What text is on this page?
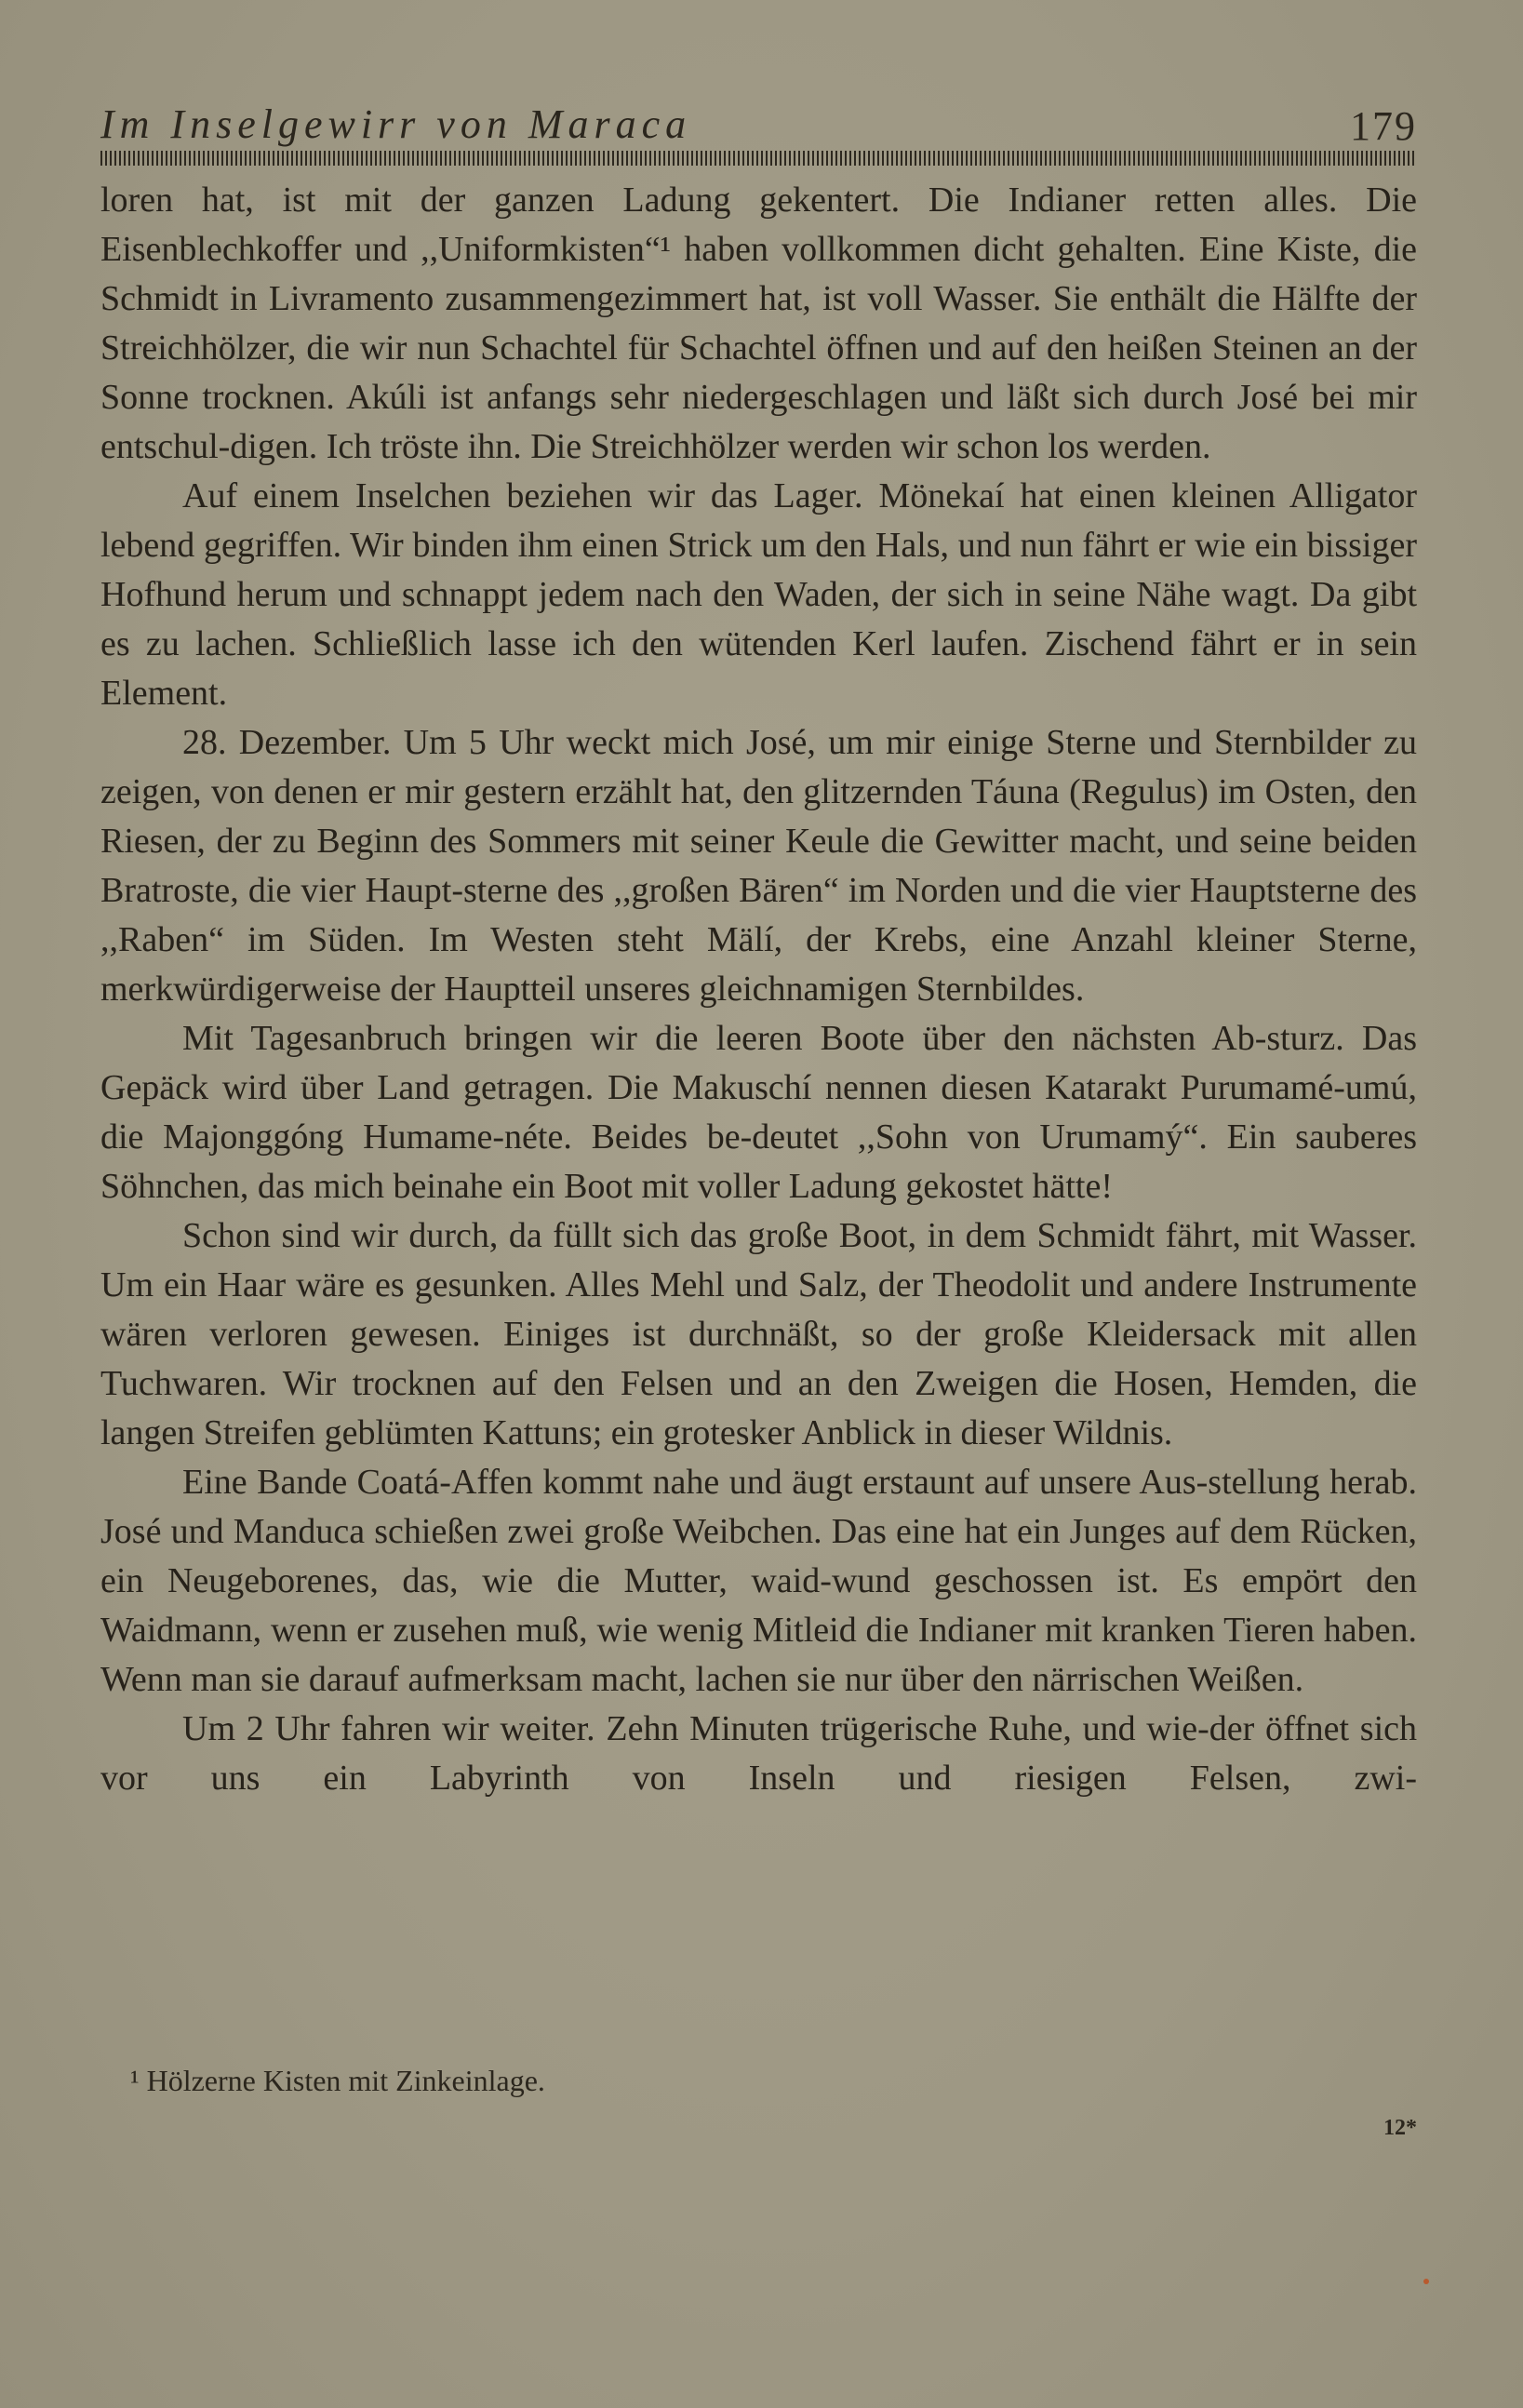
Im Inselgewirr von Maraca	179

loren hat, ist mit der ganzen Ladung gekentert. Die Indianer retten alles. Die Eisenblechkoffer und ,,Uniformkisten“¹ haben vollkommen dicht gehalten. Eine Kiste, die Schmidt in Livramento zusammengezimmert hat, ist voll Wasser. Sie enthält die Hälfte der Streichhölzer, die wir nun Schachtel für Schachtel öffnen und auf den heißen Steinen an der Sonne trocknen. Akúli ist anfangs sehr niedergeschlagen und läßt sich durch José bei mir entschul-digen. Ich tröste ihn. Die Streichhölzer werden wir schon los werden.

Auf einem Inselchen beziehen wir das Lager. Mönekaí hat einen kleinen Alligator lebend gegriffen. Wir binden ihm einen Strick um den Hals, und nun fährt er wie ein bissiger Hofhund herum und schnappt jedem nach den Waden, der sich in seine Nähe wagt. Da gibt es zu lachen. Schließlich lasse ich den wütenden Kerl laufen. Zischend fährt er in sein Element.

28. Dezember. Um 5 Uhr weckt mich José, um mir einige Sterne und Sternbilder zu zeigen, von denen er mir gestern erzählt hat, den glitzernden Táuna (Regulus) im Osten, den Riesen, der zu Beginn des Sommers mit seiner Keule die Gewitter macht, und seine beiden Bratroste, die vier Haupt-sterne des ,,großen Bären“ im Norden und die vier Hauptsterne des ,,Raben“ im Süden. Im Westen steht Mälí, der Krebs, eine Anzahl kleiner Sterne, merkwürdigerweise der Hauptteil unseres gleichnamigen Sternbildes.

Mit Tagesanbruch bringen wir die leeren Boote über den nächsten Ab-sturz. Das Gepäck wird über Land getragen. Die Makuschí nennen diesen Katarakt Purumamé-umú, die Majonggóng Humame-néte. Beides be-deutet ,,Sohn von Urumamý“. Ein sauberes Söhnchen, das mich beinahe ein Boot mit voller Ladung gekostet hätte!

Schon sind wir durch, da füllt sich das große Boot, in dem Schmidt fährt, mit Wasser. Um ein Haar wäre es gesunken. Alles Mehl und Salz, der Theodolit und andere Instrumente wären verloren gewesen. Einiges ist durchnäßt, so der große Kleidersack mit allen Tuchwaren. Wir trocknen auf den Felsen und an den Zweigen die Hosen, Hemden, die langen Streifen geblümten Kattuns; ein grotesker Anblick in dieser Wildnis.

Eine Bande Coatá-Affen kommt nahe und äugt erstaunt auf unsere Aus-stellung herab. José und Manduca schießen zwei große Weibchen. Das eine hat ein Junges auf dem Rücken, ein Neugeborenes, das, wie die Mutter, waid-wund geschossen ist. Es empört den Waidmann, wenn er zusehen muß, wie wenig Mitleid die Indianer mit kranken Tieren haben. Wenn man sie darauf aufmerksam macht, lachen sie nur über den närrischen Weißen.

Um 2 Uhr fahren wir weiter. Zehn Minuten trügerische Ruhe, und wie-der öffnet sich vor uns ein Labyrinth von Inseln und riesigen Felsen, zwi-

¹ Hölzerne Kisten mit Zinkeinlage.
12*
